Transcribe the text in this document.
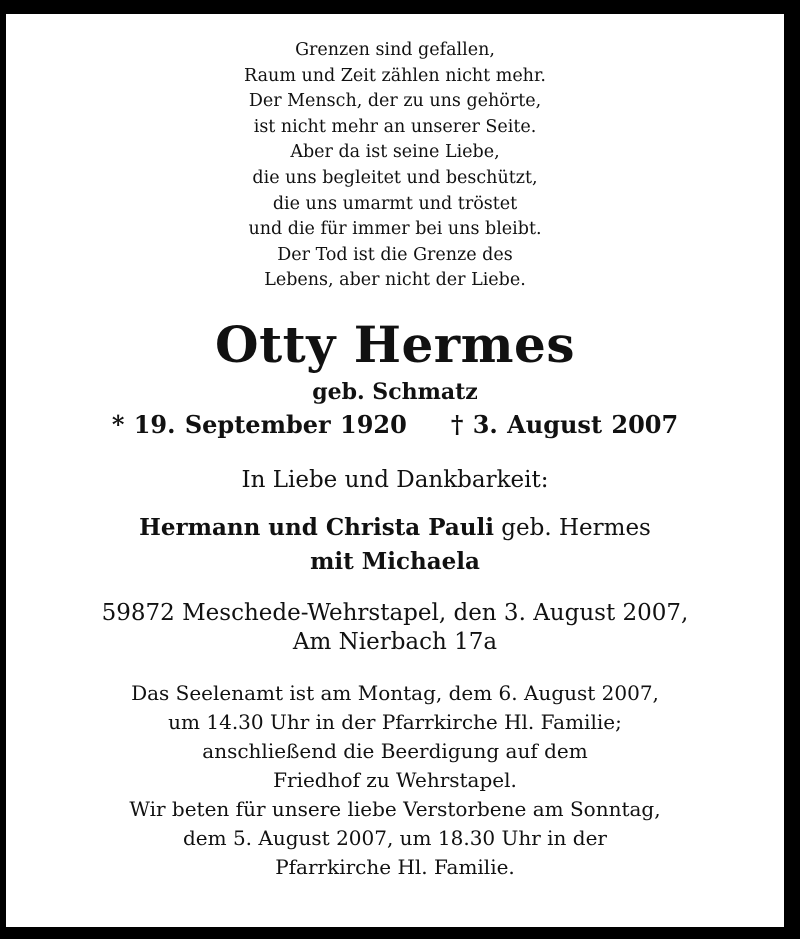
Grenzen sind gefallen,
Raum und Zeit zählen nicht mehr.
Der Mensch, der zu uns gehörte,
ist nicht mehr an unserer Seite.
Aber da ist seine Liebe,
die uns begleitet und beschützt,
die uns umarmt und tröstet
und die für immer bei uns bleibt.
Der Tod ist die Grenze des
Lebens, aber nicht der Liebe.
Otty Hermes
geb. Schmatz
* 19. September 1920 † 3. August 2007
In Liebe und Dankbarkeit:
Hermann und Christa Pauli geb. Hermes
mit Michaela
59872 Meschede-Wehrstapel, den 3. August 2007,
Am Nierbach 17a
Das Seelenamt ist am Montag, dem 6. August 2007,
um 14.30 Uhr in der Pfarrkirche Hl. Familie;
anschließend die Beerdigung auf dem
Friedhof zu Wehrstapel.
Wir beten für unsere liebe Verstorbene am Sonntag,
dem 5. August 2007, um 18.30 Uhr in der
Pfarrkirche Hl. Familie.
